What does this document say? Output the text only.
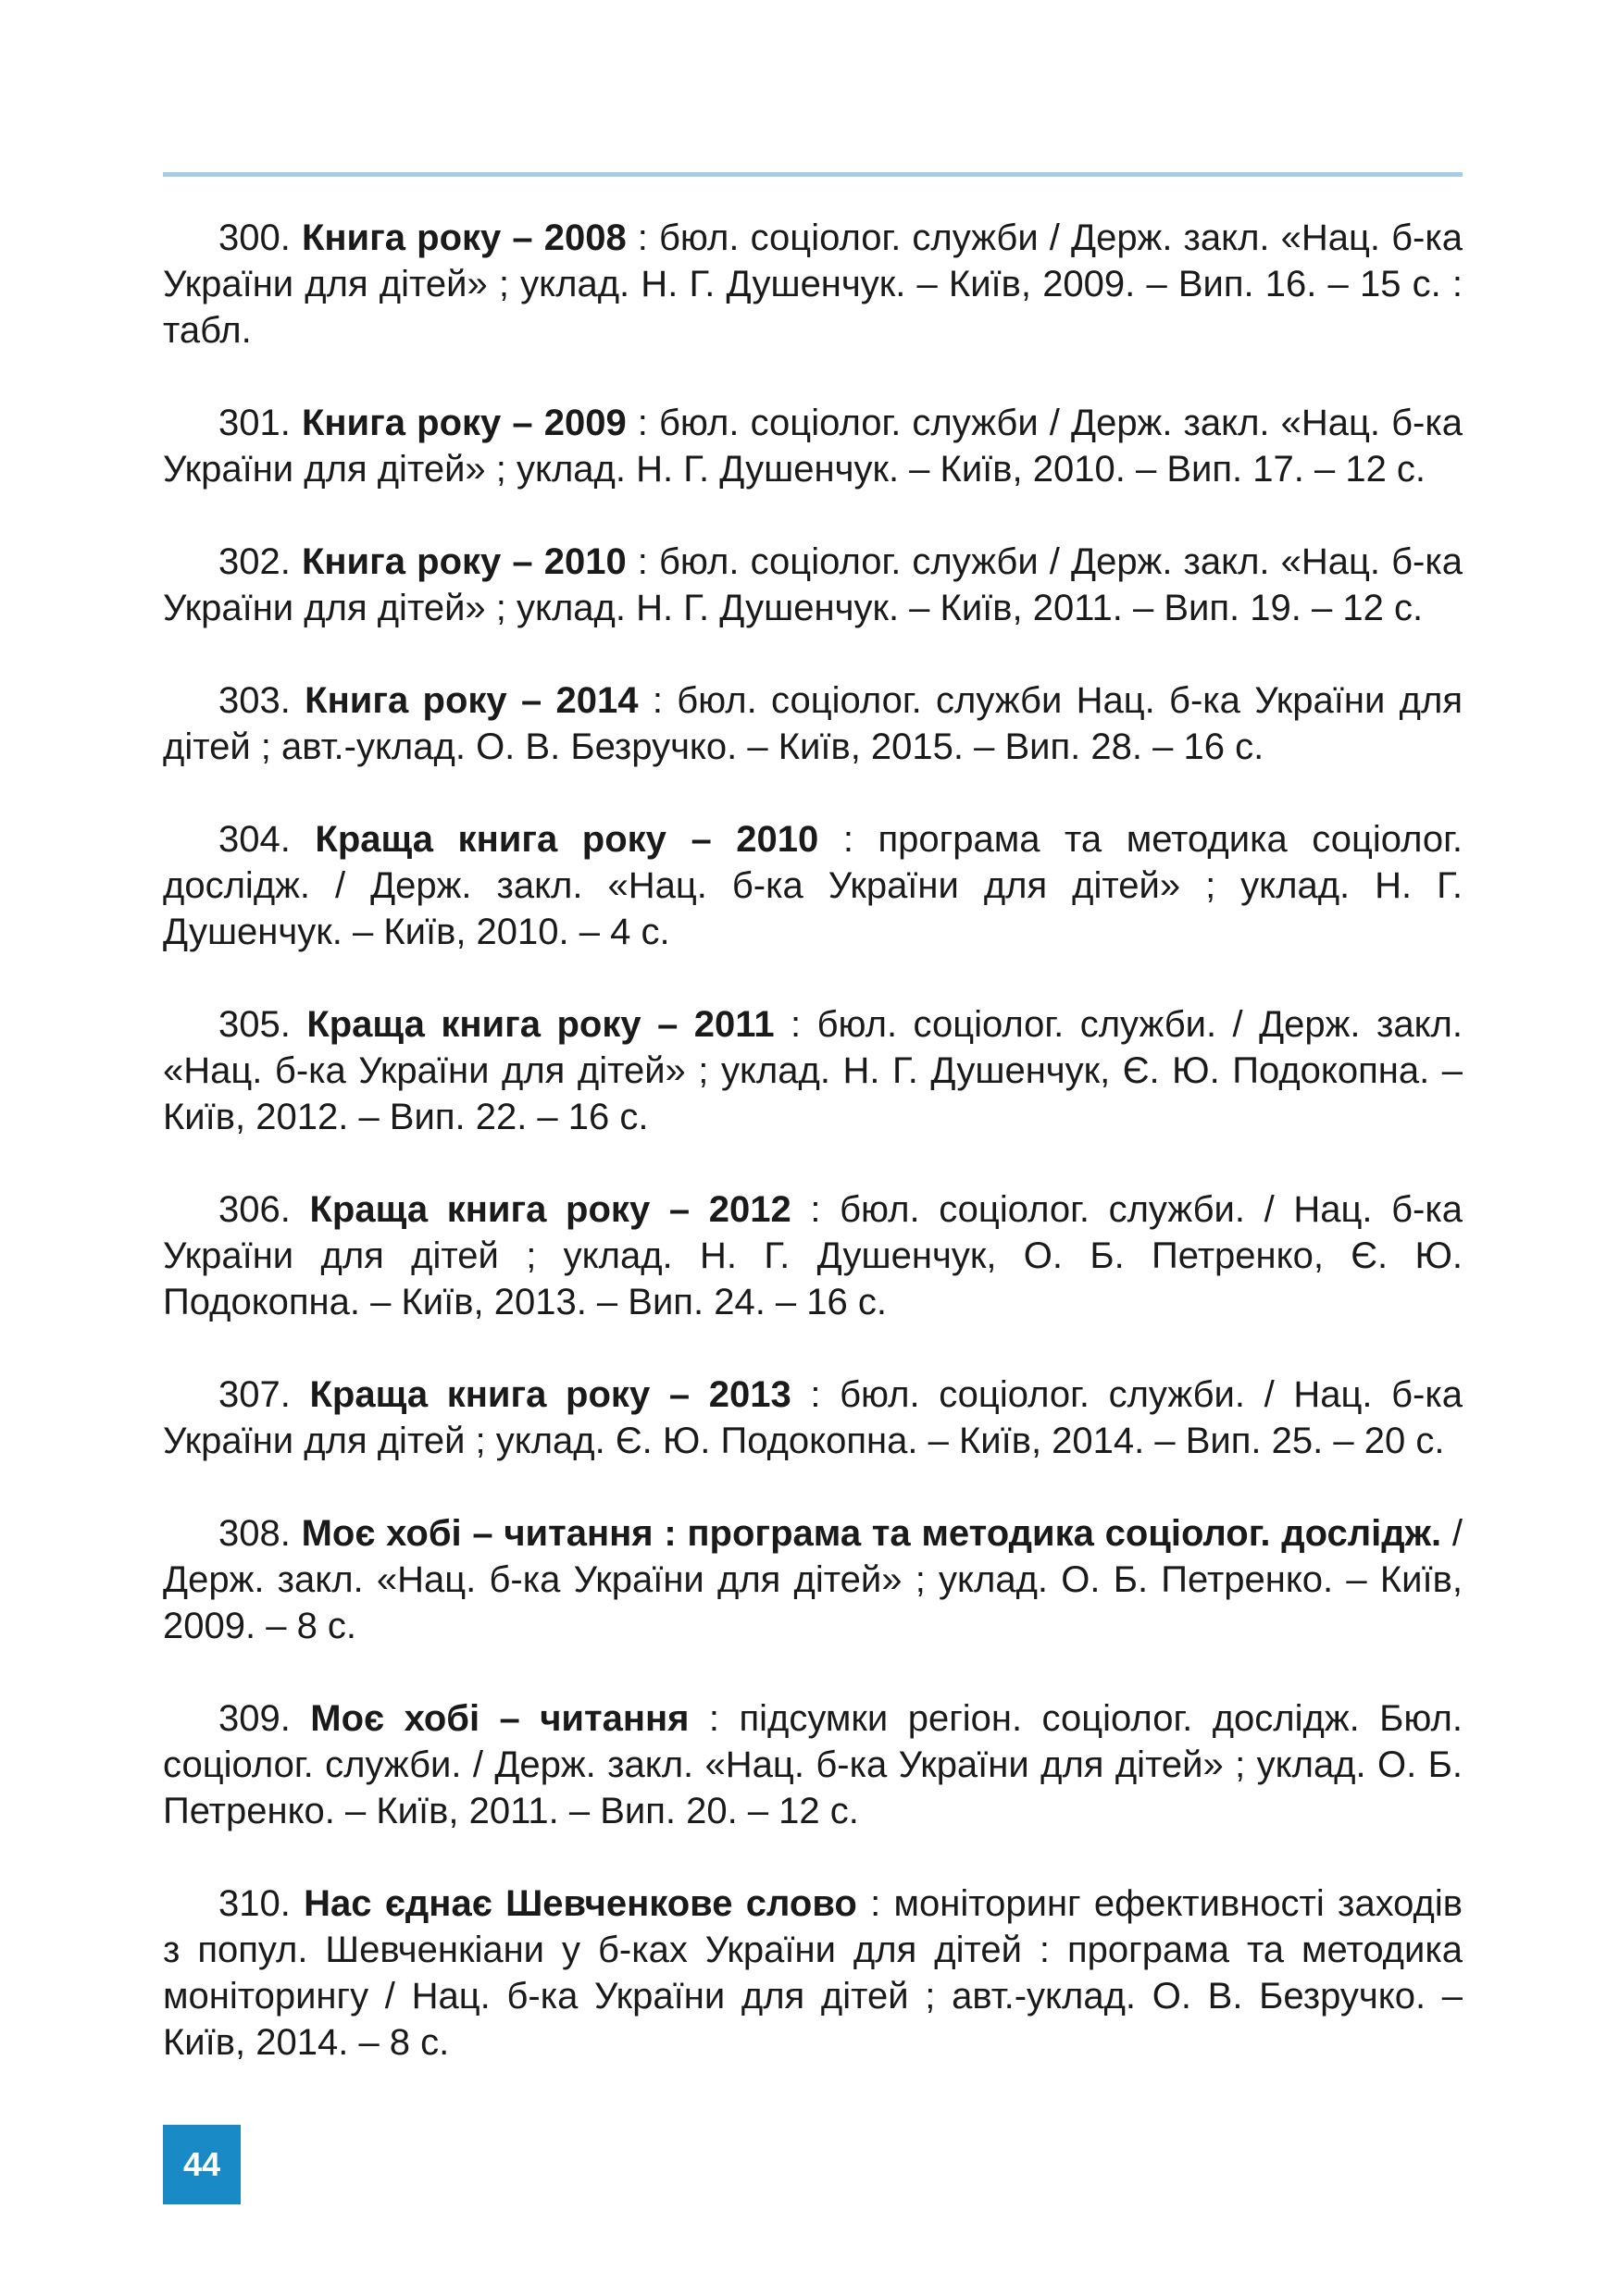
300. Книга року – 2008 : бюл. соціолог. служби / Держ. закл. «Нац. б-ка України для дітей» ; уклад. Н. Г. Душенчук. – Київ, 2009. – Вип. 16. – 15 с. : табл.

301. Книга року – 2009 : бюл. соціолог. служби / Держ. закл. «Нац. б-ка України для дітей» ; уклад. Н. Г. Душенчук. – Київ, 2010. – Вип. 17. – 12 с.

302. Книга року – 2010 : бюл. соціолог. служби / Держ. закл. «Нац. б-ка України для дітей» ; уклад. Н. Г. Душенчук. – Київ, 2011. – Вип. 19. – 12 с.

303. Книга року – 2014 : бюл. соціолог. служби Нац. б-ка України для дітей ; авт.-уклад. О. В. Безручко. – Київ, 2015. – Вип. 28. – 16 с.

304. Краща книга року – 2010 : програма та методика соціолог. дослідж. / Держ. закл. «Нац. б-ка України для дітей» ; уклад. Н. Г. Душенчук. – Київ, 2010. – 4 с.

305. Краща книга року – 2011 : бюл. соціолог. служби. / Держ. закл. «Нац. б-ка України для дітей» ; уклад. Н. Г. Душенчук, Є. Ю. Подокопна. – Київ, 2012. – Вип. 22. – 16 с.

306. Краща книга року – 2012 : бюл. соціолог. служби. / Нац. б-ка України для дітей ; уклад. Н. Г. Душенчук, О. Б. Петренко, Є. Ю. Подокопна. – Київ, 2013. – Вип. 24. – 16 с.

307. Краща книга року – 2013 : бюл. соціолог. служби. / Нац. б-ка України для дітей ; уклад. Є. Ю. Подокопна. – Київ, 2014. – Вип. 25. – 20 с.

308. Моє хобі – читання : програма та методика соціолог. дослідж. / Держ. закл. «Нац. б-ка України для дітей» ; уклад. О. Б. Петренко. – Київ, 2009. – 8 с.

309. Моє хобі – читання : підсумки регіон. соціолог. дослідж. Бюл. соціолог. служби. / Держ. закл. «Нац. б-ка України для дітей» ; уклад. О. Б. Петренко. – Київ, 2011. – Вип. 20. – 12 с.

310. Нас єднає Шевченкове слово : моніторинг ефективності заходів з попул. Шевченкіани у б-ках України для дітей : програма та методика моніторингу / Нац. б-ка України для дітей ; авт.-уклад. О. В. Безручко. – Київ, 2014. – 8 с.

44
